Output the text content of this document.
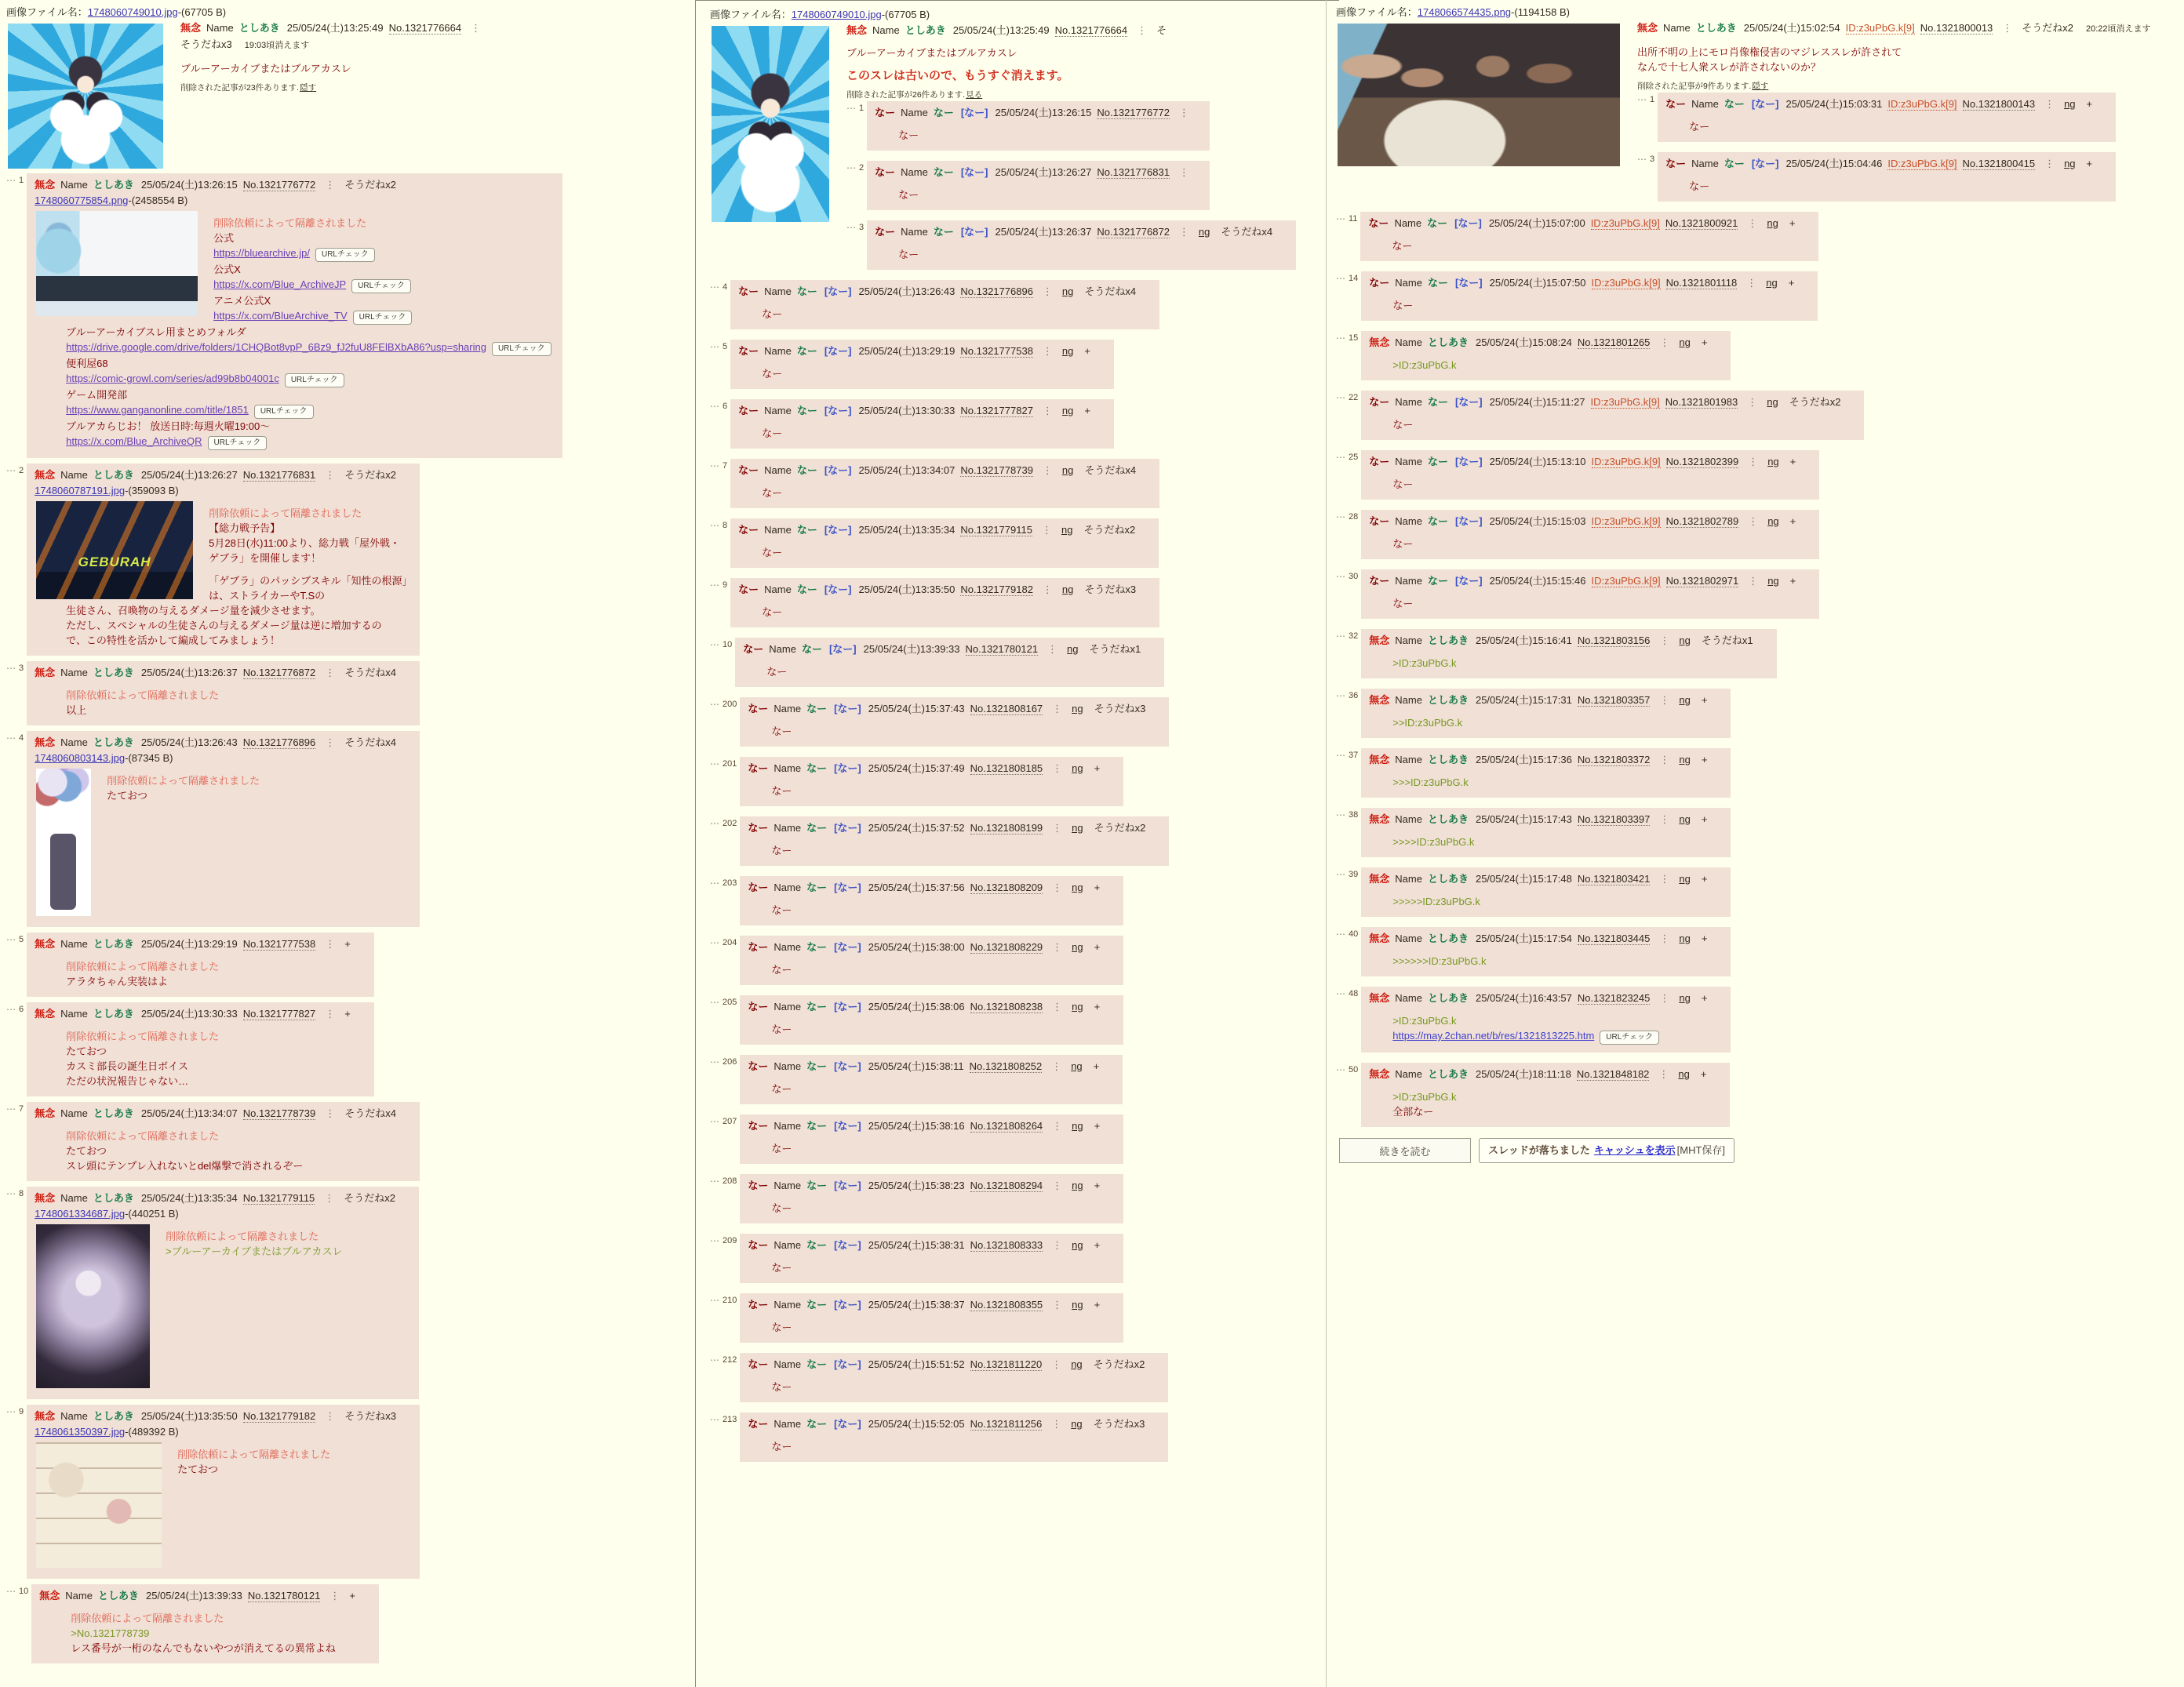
画像ファイル名：1748060749010.jpg-(67705 B)
無念 Name としあき 25/05/24(土)13:25:49 No.1321776664⋮
そうだねx3 19:03頃消えます
ブルーアーカイブまたはブルアカスレ
削除された記事が23件あります.隠す
⋯ $^1$ 無念 Name としあき 25/05/24(土)13:26:15 No.1321776772 ⋮	そうだねx2
1748060775854.png-(2458554 B)
削除依頼によって隔離されました
公式
https://bluearchive.jp/ URLチェック
公式X
https://x.com/Blue_ArchiveJP URLチェック
アニメ公式X
https://x.com/BlueArchive_TV URLチェック
ブルーアーカイブスレ用まとめフォルダ
https://drive.google.com/drive/folders/1CHQBot8vpP_6Bz9_fJ2fuU8FElBXbA86?usp=sharing URLチェック
便利屋68
https://comic-growl.com/series/ad99b8b04001c URLチェック
ゲーム開発部
https://www.ganganonline.com/title/1851 URLチェック
ブルアカらじお！ 放送日時:毎週火曜19:00～
https://x.com/Blue_ArchiveQR URLチェック
⋯ $^2$ 無念 Name としあき 25/05/24(土)13:26:27 No.1321776831 ⋮	そうだねx2
1748060787191.jpg-(359093 B)
GEBURAH
削除依頼によって隔離されました
【総力戦予告】
5月28日(水)11:00より、総力戦「屋外戦・ゲブラ」を開催します！
「ゲブラ」のパッシブスキル「知性の根源」は、ストライカーやT.Sの
生徒さん、召喚物の与えるダメージ量を減少させます。
ただし、スペシャルの生徒さんの与えるダメージ量は逆に増加するの
で、この特性を活かして編成してみましょう！
⋯ $^3$ 無念 Name としあき 25/05/24(土)13:26:37 No.1321776872 ⋮	そうだねx4
削除依頼によって隔離されました
以上
⋯ $^4$ 無念 Name としあき 25/05/24(土)13:26:43 No.1321776896 ⋮	そうだねx4
1748060803143.jpg-(87345 B)
削除依頼によって隔離されました
たておつ
⋯ $^5$ 無念 Name としあき 25/05/24(土)13:29:19 No.1321777538 ⋮	+
削除依頼によって隔離されました
アラタちゃん実装はよ
⋯ $^6$ 無念 Name としあき 25/05/24(土)13:30:33 No.1321777827 ⋮	+
削除依頼によって隔離されました
たておつ
カスミ部長の誕生日ボイス
ただの状況報告じゃない…
⋯ $^7$ 無念 Name としあき 25/05/24(土)13:34:07 No.1321778739 ⋮	そうだねx4
削除依頼によって隔離されました
たておつ
スレ頭にテンプレ入れないとdel爆撃で消されるぞー
⋯ $^8$ 無念 Name としあき 25/05/24(土)13:35:34 No.1321779115 ⋮	そうだねx2
1748061334687.jpg-(440251 B)
削除依頼によって隔離されました
>ブルーアーカイブまたはブルアカスレ
⋯ $^9$ 無念 Name としあき 25/05/24(土)13:35:50 No.1321779182 ⋮	そうだねx3
1748061350397.jpg-(489392 B)
削除依頼によって隔離されました
たておつ
⋯ $^{10}$ 無念 Name としあき 25/05/24(土)13:39:33 No.1321780121 ⋮	+
削除依頼によって隔離されました
>No.1321778739
レス番号が一桁のなんでもないやつが消えてるの異常よね
画像ファイル名：1748060749010.jpg-(67705 B)
無念 Name としあき 25/05/24(土)13:25:49 No.1321776664 ⋮	そ
ブルーアーカイブまたはブルアカスレ
このスレは古いので、もうすぐ消えます。
削除された記事が26件あります.見る
⋯ $^1$ なー Name なー [なー] 25/05/24(土)13:26:15 No.1321776772⋮
なー
⋯ $^2$ なー Name なー [なー] 25/05/24(土)13:26:27 No.1321776831⋮
なー
⋯ $^3$ なー Name なー [なー] 25/05/24(土)13:26:37 No.1321776872 ⋮	ng そうだねx4
なー
⋯ $^4$ なー Name なー [なー] 25/05/24(土)13:26:43 No.1321776896 ⋮	ng そうだねx4
なー
⋯ $^5$ なー Name なー [なー] 25/05/24(土)13:29:19 No.1321777538 ⋮	ng +
なー
⋯ $^6$ なー Name なー [なー] 25/05/24(土)13:30:33 No.1321777827 ⋮	ng +
なー
⋯ $^7$ なー Name なー [なー] 25/05/24(土)13:34:07 No.1321778739 ⋮	ng そうだねx4
なー
⋯ $^8$ なー Name なー [なー] 25/05/24(土)13:35:34 No.1321779115 ⋮	ng そうだねx2
なー
⋯ $^9$ なー Name なー [なー] 25/05/24(土)13:35:50 No.1321779182 ⋮	ng そうだねx3
なー
⋯ $^{10}$ なー Name なー [なー] 25/05/24(土)13:39:33 No.1321780121 ⋮	ng そうだねx1
なー
⋯ $^{200}$ なー Name なー [なー] 25/05/24(土)15:37:43 No.1321808167 ⋮	ng そうだねx3
なー
⋯ $^{201}$ なー Name なー [なー] 25/05/24(土)15:37:49 No.1321808185 ⋮	ng +
なー
⋯ $^{202}$ なー Name なー [なー] 25/05/24(土)15:37:52 No.1321808199 ⋮	ng そうだねx2
なー
⋯ $^{203}$ なー Name なー [なー] 25/05/24(土)15:37:56 No.1321808209 ⋮	ng +
なー
⋯ $^{204}$ なー Name なー [なー] 25/05/24(土)15:38:00 No.1321808229 ⋮	ng +
なー
⋯ $^{205}$ なー Name なー [なー] 25/05/24(土)15:38:06 No.1321808238 ⋮	ng +
なー
⋯ $^{206}$ なー Name なー [なー] 25/05/24(土)15:38:11 No.1321808252 ⋮	ng +
なー
⋯ $^{207}$ なー Name なー [なー] 25/05/24(土)15:38:16 No.1321808264 ⋮	ng +
なー
⋯ $^{208}$ なー Name なー [なー] 25/05/24(土)15:38:23 No.1321808294 ⋮	ng +
なー
⋯ $^{209}$ なー Name なー [なー] 25/05/24(土)15:38:31 No.1321808333 ⋮	ng +
なー
⋯ $^{210}$ なー Name なー [なー] 25/05/24(土)15:38:37 No.1321808355 ⋮	ng +
なー
⋯ $^{212}$ なー Name なー [なー] 25/05/24(土)15:51:52 No.1321811220 ⋮	ng そうだねx2
なー
⋯ $^{213}$ なー Name なー [なー] 25/05/24(土)15:52:05 No.1321811256 ⋮	ng そうだねx3
なー
画像ファイル名：1748066574435.png-(1194158 B)
無念 Name としあき 25/05/24(土)15:02:54 ID:z3uPbG.k[9] No.1321800013 ⋮	そうだねx2 20:22頃消えます
出所不明の上にモロ肖像権侵害のマジレススレが許されて
なんで十七人衆スレが許されないのか？
削除された記事が9件あります.隠す
⋯ $^1$ なー Name なー [なー] 25/05/24(土)15:03:31 ID:z3uPbG.k[9] No.1321800143 ⋮	ng +
なー
⋯ $^3$ なー Name なー [なー] 25/05/24(土)15:04:46 ID:z3uPbG.k[9] No.1321800415 ⋮	ng +
なー
⋯ $^{11}$ なー Name なー [なー] 25/05/24(土)15:07:00 ID:z3uPbG.k[9] No.1321800921 ⋮	ng +
なー
⋯ $^{14}$ なー Name なー [なー] 25/05/24(土)15:07:50 ID:z3uPbG.k[9] No.1321801118 ⋮	ng +
なー
⋯ $^{15}$ 無念 Name としあき 25/05/24(土)15:08:24 No.1321801265 ⋮	ng +
>ID:z3uPbG.k
⋯ $^{22}$ なー Name なー [なー] 25/05/24(土)15:11:27 ID:z3uPbG.k[9] No.1321801983 ⋮	ng そうだねx2
なー
⋯ $^{25}$ なー Name なー [なー] 25/05/24(土)15:13:10 ID:z3uPbG.k[9] No.1321802399 ⋮	ng +
なー
⋯ $^{28}$ なー Name なー [なー] 25/05/24(土)15:15:03 ID:z3uPbG.k[9] No.1321802789 ⋮	ng +
なー
⋯ $^{30}$ なー Name なー [なー] 25/05/24(土)15:15:46 ID:z3uPbG.k[9] No.1321802971 ⋮	ng +
なー
⋯ $^{32}$ 無念 Name としあき 25/05/24(土)15:16:41 No.1321803156 ⋮	ng そうだねx1
>ID:z3uPbG.k
⋯ $^{36}$ 無念 Name としあき 25/05/24(土)15:17:31 No.1321803357 ⋮	ng +
>>ID:z3uPbG.k
⋯ $^{37}$ 無念 Name としあき 25/05/24(土)15:17:36 No.1321803372 ⋮	ng +
>>>ID:z3uPbG.k
⋯ $^{38}$ 無念 Name としあき 25/05/24(土)15:17:43 No.1321803397 ⋮	ng +
>>>>ID:z3uPbG.k
⋯ $^{39}$ 無念 Name としあき 25/05/24(土)15:17:48 No.1321803421 ⋮	ng +
>>>>>ID:z3uPbG.k
⋯ $^{40}$ 無念 Name としあき 25/05/24(土)15:17:54 No.1321803445 ⋮	ng +
>>>>>>ID:z3uPbG.k
⋯ $^{48}$ 無念 Name としあき 25/05/24(土)16:43:57 No.1321823245 ⋮	ng +
>ID:z3uPbG.k
https://may.2chan.net/b/res/1321813225.htm URLチェック
⋯ $^{50}$ 無念 Name としあき 25/05/24(土)18:11:18 No.1321848182 ⋮	ng +
>ID:z3uPbG.k
全部なー
続きを読む	スレッドが落ちました キャッシュを表示 [MHT保存]
